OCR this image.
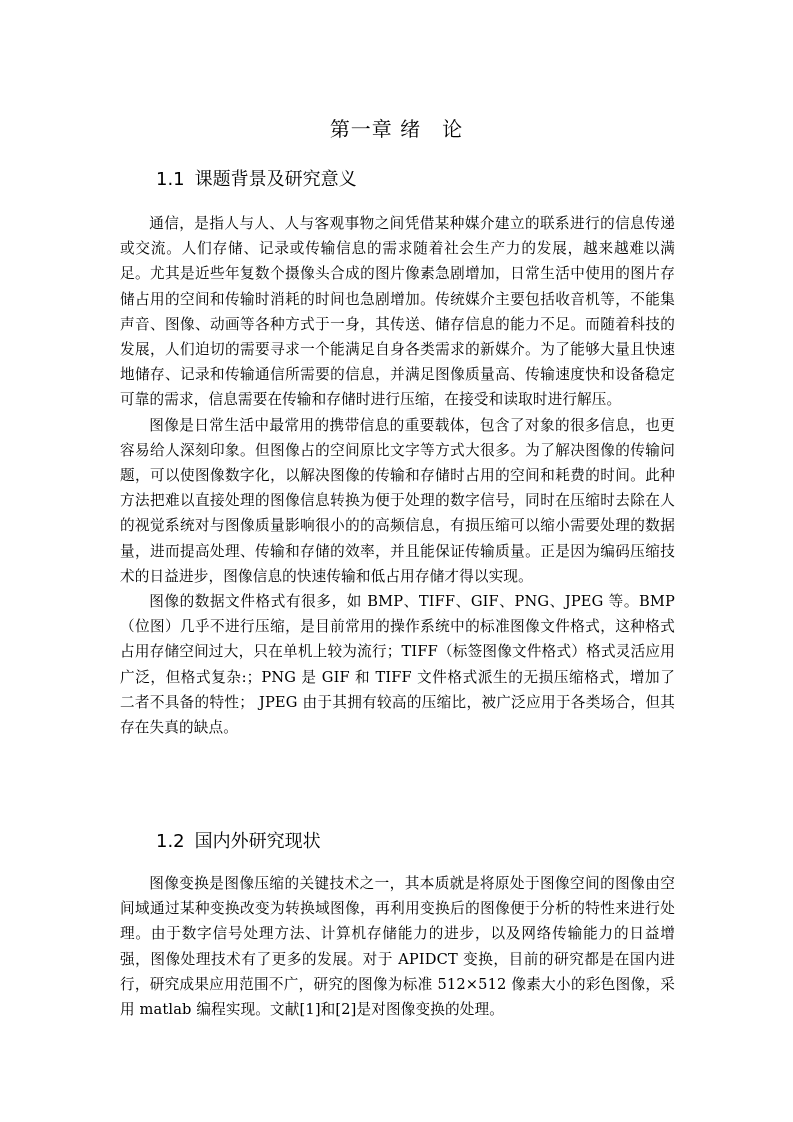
第一章 绪　论
1.1 课题背景及研究意义

通信，是指人与人、人与客观事物之间凭借某种媒介建立的联系进行的信息传递或交流。人们存储、记录或传输信息的需求随着社会生产力的发展，越来越难以满足。尤其是近些年复数个摄像头合成的图片像素急剧增加，日常生活中使用的图片存储占用的空间和传输时消耗的时间也急剧增加。传统媒介主要包括收音机等，不能集声音、图像、动画等各种方式于一身，其传送、储存信息的能力不足。而随着科技的发展，人们迫切的需要寻求一个能满足自身各类需求的新媒介。为了能够大量且快速地储存、记录和传输通信所需要的信息，并满足图像质量高、传输速度快和设备稳定可靠的需求，信息需要在传输和存储时进行压缩，在接受和读取时进行解压。

图像是日常生活中最常用的携带信息的重要载体，包含了对象的很多信息，也更容易给人深刻印象。但图像占的空间原比文字等方式大很多。为了解决图像的传输问题，可以使图像数字化，以解决图像的传输和存储时占用的空间和耗费的时间。此种方法把难以直接处理的图像信息转换为便于处理的数字信号，同时在压缩时去除在人的视觉系统对与图像质量影响很小的的高频信息，有损压缩可以缩小需要处理的数据量，进而提高处理、传输和存储的效率，并且能保证传输质量。正是因为编码压缩技术的日益进步，图像信息的快速传输和低占用存储才得以实现。

图像的数据文件格式有很多，如 BMP、TIFF、GIF、PNG、JPEG 等。BMP（位图）几乎不进行压缩，是目前常用的操作系统中的标准图像文件格式，这种格式占用存储空间过大，只在单机上较为流行；TIFF（标签图像文件格式）格式灵活应用广泛，但格式复杂:；PNG 是 GIF 和 TIFF 文件格式派生的无损压缩格式，增加了二者不具备的特性； JPEG 由于其拥有较高的压缩比，被广泛应用于各类场合，但其存在失真的缺点。

1.2 国内外研究现状

图像变换是图像压缩的关键技术之一，其本质就是将原处于图像空间的图像由空间域通过某种变换改变为转换域图像，再利用变换后的图像便于分析的特性来进行处理。由于数字信号处理方法、计算机存储能力的进步，以及网络传输能力的日益增强，图像处理技术有了更多的发展。对于 APIDCT 变换，目前的研究都是在国内进行，研究成果应用范围不广，研究的图像为标准 512×512 像素大小的彩色图像，采用 matlab 编程实现。文献[1]和[2]是对图像变换的处理。
